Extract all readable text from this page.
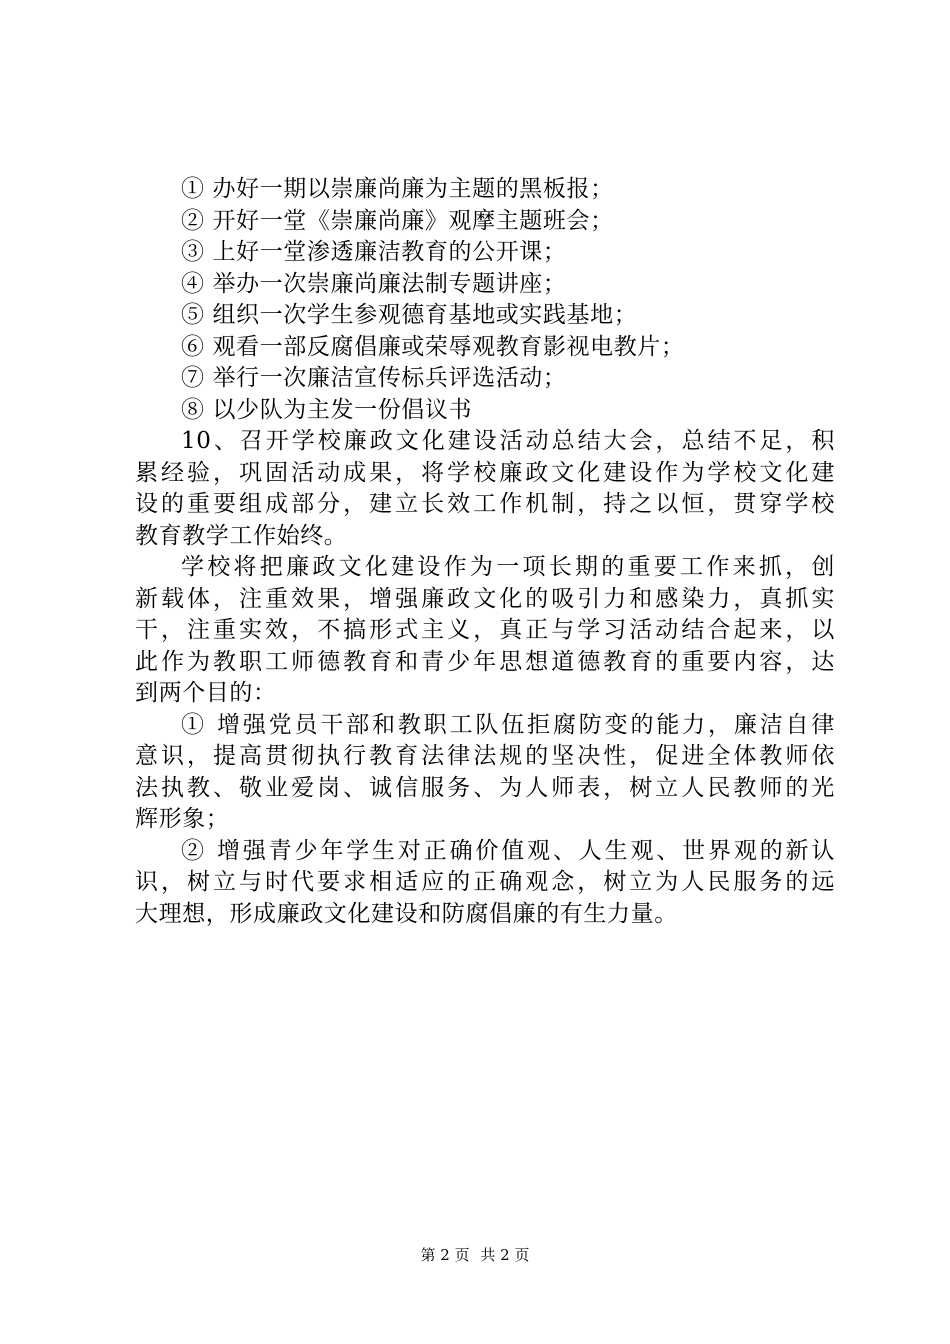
① 办好一期以崇廉尚廉为主题的黑板报；
② 开好一堂《崇廉尚廉》观摩主题班会；
③ 上好一堂渗透廉洁教育的公开课；
④ 举办一次崇廉尚廉法制专题讲座；
⑤ 组织一次学生参观德育基地或实践基地；
⑥ 观看一部反腐倡廉或荣辱观教育影视电教片；
⑦ 举行一次廉洁宣传标兵评选活动；
⑧ 以少队为主发一份倡议书
10、召开学校廉政文化建设活动总结大会，总结不足，积
累经验，巩固活动成果，将学校廉政文化建设作为学校文化建
设的重要组成部分，建立长效工作机制，持之以恒，贯穿学校
教育教学工作始终。
学校将把廉政文化建设作为一项长期的重要工作来抓，创
新载体，注重效果，增强廉政文化的吸引力和感染力，真抓实
干，注重实效，不搞形式主义，真正与学习活动结合起来，以
此作为教职工师德教育和青少年思想道德教育的重要内容，达
到两个目的：
① 增强党员干部和教职工队伍拒腐防变的能力，廉洁自律
意识，提高贯彻执行教育法律法规的坚决性，促进全体教师依
法执教、敬业爱岗、诚信服务、为人师表，树立人民教师的光
辉形象；
② 增强青少年学生对正确价值观、人生观、世界观的新认
识，树立与时代要求相适应的正确观念，树立为人民服务的远
大理想，形成廉政文化建设和防腐倡廉的有生力量。
第 2 页 共 2 页
